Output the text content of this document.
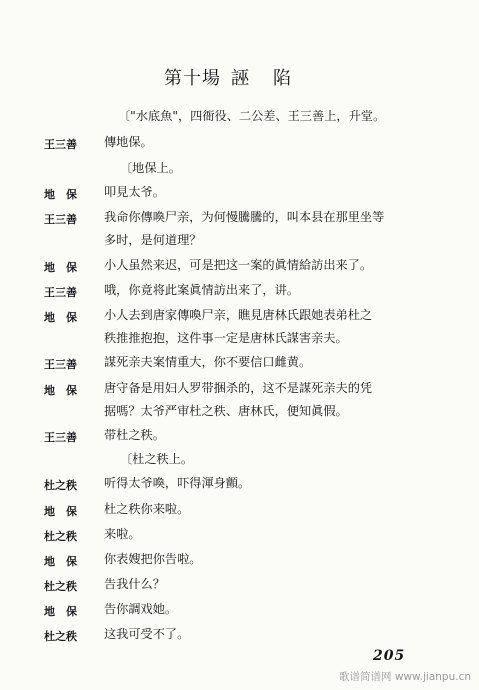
第十場 誣陷
〔"水底魚"，四衙役、二公差、王三善上，升堂。
王三善	傳地保。
〔地保上。
地　保	叩見太爷。
王三善	我命你傳喚尸亲，为何慢騰騰的，叫本县在那里坐等
多时，是何道理？
地　保	小人虽然来迟，可是把这一案的眞情給訪出来了。
王三善	哦，你竟将此案眞情訪出来了，讲。
地　保	小人去到唐家傳喚尸亲，瞧見唐林氏跟她表弟杜之
秩推推抱抱，这件事一定是唐林氏謀害亲夫。
王三善	謀死亲夫案情重大，你不要信口雌黄。
地　保	唐守备是用妇人罗带捆杀的，这不是謀死亲夫的凭
据嗎？太爷严审杜之秩、唐林氏，便知眞假。
王三善	带杜之秩。
〔杜之秩上。
杜之秩	听得太爷喚，吓得渾身顫。
地　保	杜之秩你来啦。
杜之秩	来啦。
地　保	你表嫂把你告啦。
杜之秩	告我什么？
地　保	告你調戏她。
杜之秩	这我可受不了。
205
歌谱简谱网 www.jianpu.cn
